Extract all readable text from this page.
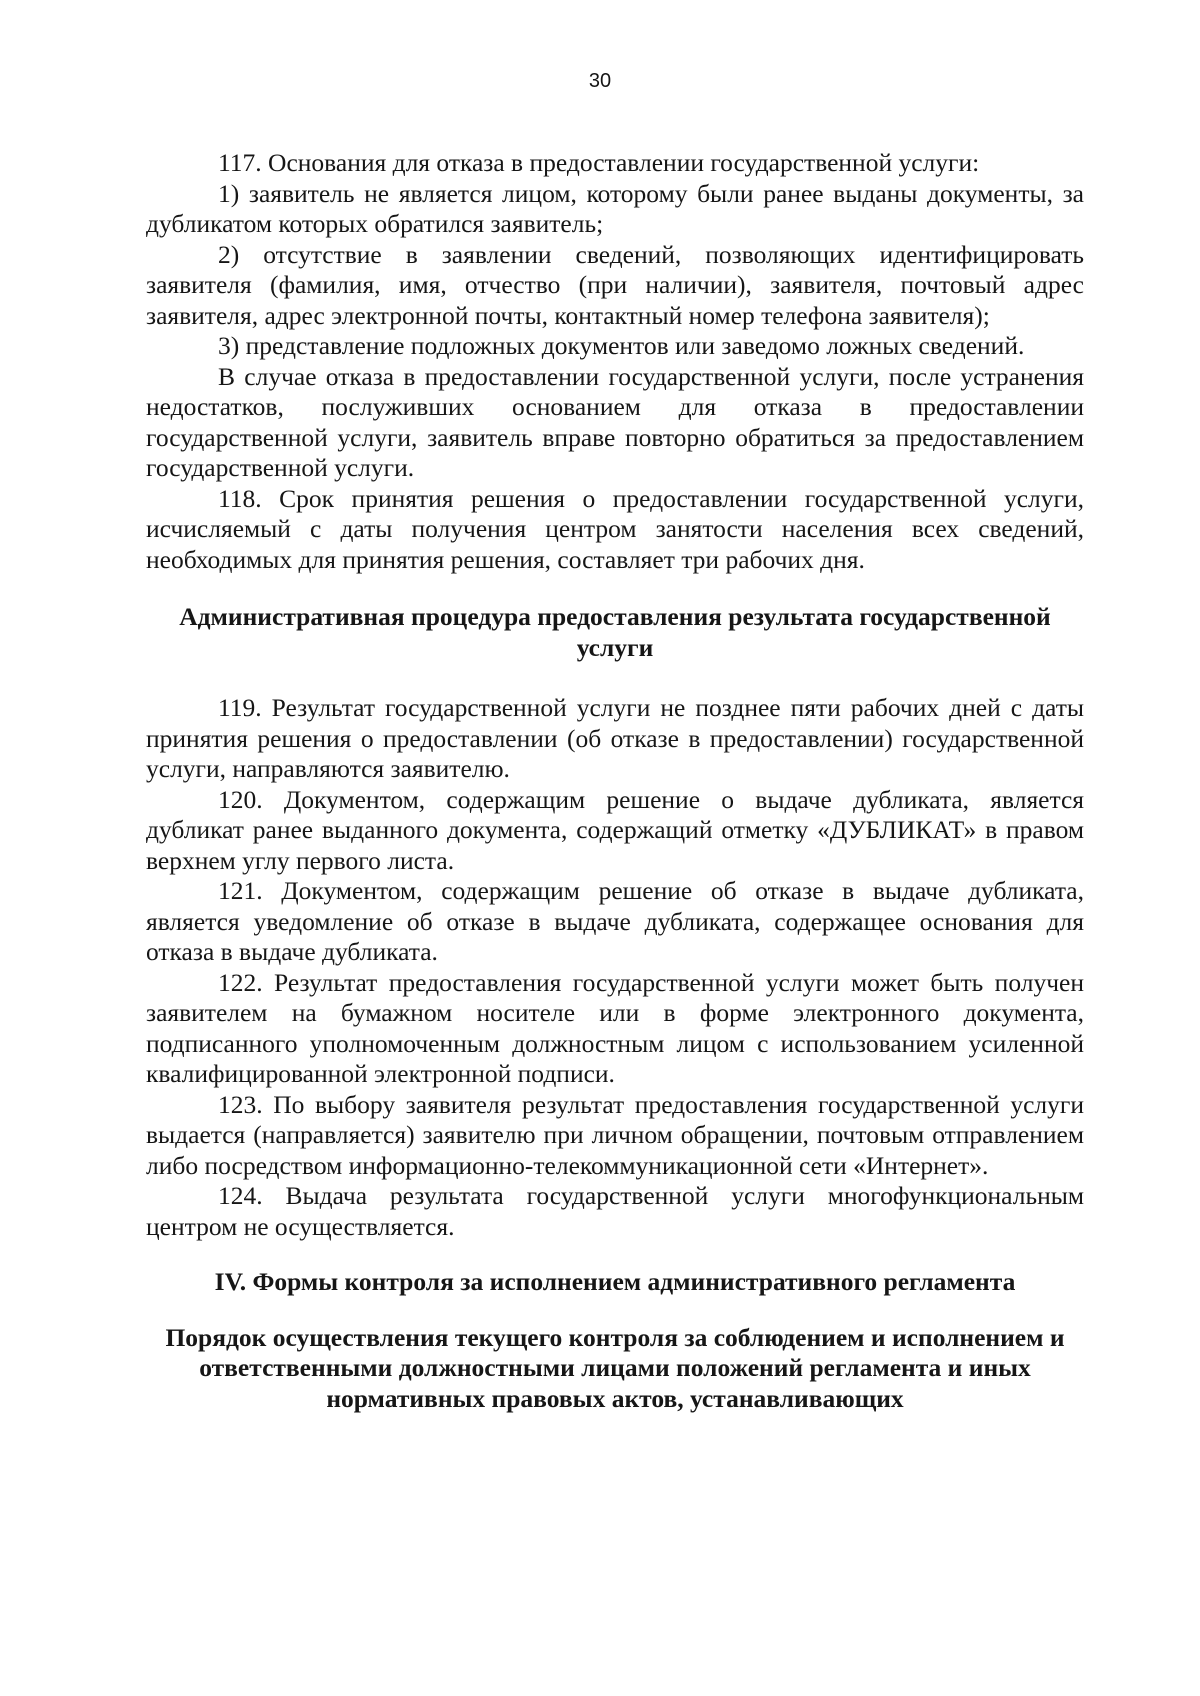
30

117. Основания для отказа в предоставлении государственной услуги:

1) заявитель не является лицом, которому были ранее выданы документы, за дубликатом которых обратился заявитель;

2) отсутствие в заявлении сведений, позволяющих идентифицировать заявителя (фамилия, имя, отчество (при наличии), заявителя, почтовый адрес заявителя, адрес электронной почты, контактный номер телефона заявителя);

3) представление подложных документов или заведомо ложных сведений.

В случае отказа в предоставлении государственной услуги, после устранения недостатков, послуживших основанием для отказа в предоставлении государственной услуги, заявитель вправе повторно обратиться за предоставлением государственной услуги.

118. Срок принятия решения о предоставлении государственной услуги, исчисляемый с даты получения центром занятости населения всех сведений, необходимых для принятия решения, составляет три рабочих дня.

Административная процедура предоставления результата государственной услуги

119. Результат государственной услуги не позднее пяти рабочих дней с даты принятия решения о предоставлении (об отказе в предоставлении) государственной услуги, направляются заявителю.

120. Документом, содержащим решение о выдаче дубликата, является дубликат ранее выданного документа, содержащий отметку «ДУБЛИКАТ» в правом верхнем углу первого листа.

121. Документом, содержащим решение об отказе в выдаче дубликата, является уведомление об отказе в выдаче дубликата, содержащее основания для отказа в выдаче дубликата.

122. Результат предоставления государственной услуги может быть получен заявителем на бумажном носителе или в форме электронного документа, подписанного уполномоченным должностным лицом с использованием усиленной квалифицированной электронной подписи.

123. По выбору заявителя результат предоставления государственной услуги выдается (направляется) заявителю при личном обращении, почтовым отправлением либо посредством информационно-телекоммуникационной сети «Интернет».

124. Выдача результата государственной услуги многофункциональным центром не осуществляется.

IV. Формы контроля за исполнением административного регламента
Порядок осуществления текущего контроля за соблюдением и исполнением и ответственными должностными лицами положений регламента и иных нормативных правовых актов, устанавливающих
